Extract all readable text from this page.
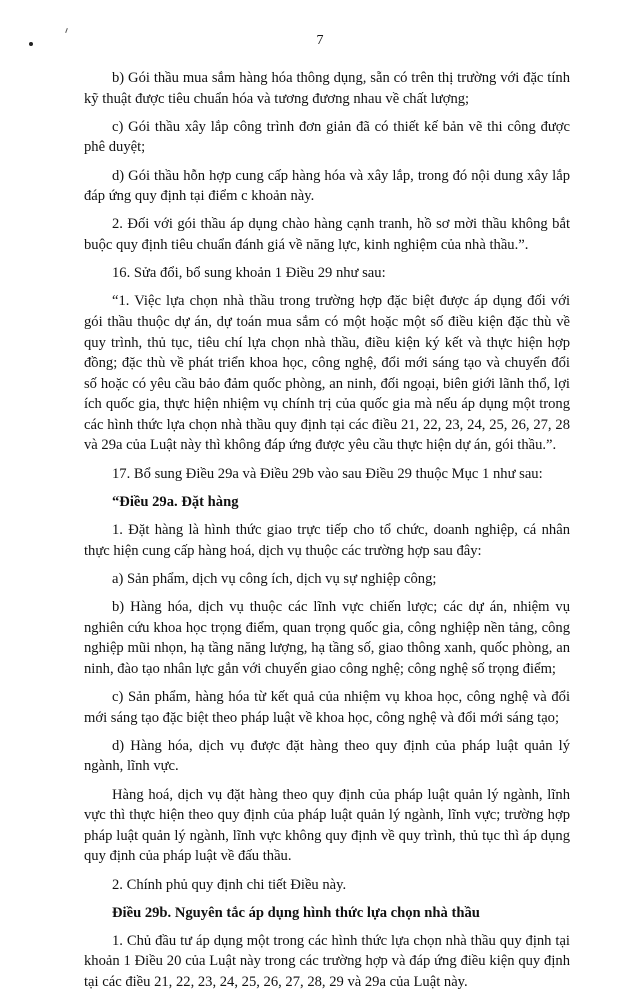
7

b) Gói thầu mua sắm hàng hóa thông dụng, sẵn có trên thị trường với đặc tính kỹ thuật được tiêu chuẩn hóa và tương đương nhau về chất lượng;

c) Gói thầu xây lắp công trình đơn giản đã có thiết kế bản vẽ thi công được phê duyệt;

d) Gói thầu hỗn hợp cung cấp hàng hóa và xây lắp, trong đó nội dung xây lắp đáp ứng quy định tại điểm c khoản này.

2. Đối với gói thầu áp dụng chào hàng cạnh tranh, hồ sơ mời thầu không bắt buộc quy định tiêu chuẩn đánh giá về năng lực, kinh nghiệm của nhà thầu.”.

16. Sửa đổi, bổ sung khoản 1 Điều 29 như sau:

“1. Việc lựa chọn nhà thầu trong trường hợp đặc biệt được áp dụng đối với gói thầu thuộc dự án, dự toán mua sắm có một hoặc một số điều kiện đặc thù về quy trình, thủ tục, tiêu chí lựa chọn nhà thầu, điều kiện ký kết và thực hiện hợp đồng; đặc thù về phát triển khoa học, công nghệ, đổi mới sáng tạo và chuyển đổi số hoặc có yêu cầu bảo đảm quốc phòng, an ninh, đối ngoại, biên giới lãnh thổ, lợi ích quốc gia, thực hiện nhiệm vụ chính trị của quốc gia mà nếu áp dụng một trong các hình thức lựa chọn nhà thầu quy định tại các điều 21, 22, 23, 24, 25, 26, 27, 28 và 29a của Luật này thì không đáp ứng được yêu cầu thực hiện dự án, gói thầu.”.

17. Bổ sung Điều 29a và Điều 29b vào sau Điều 29 thuộc Mục 1 như sau:

“Điều 29a. Đặt hàng

1. Đặt hàng là hình thức giao trực tiếp cho tổ chức, doanh nghiệp, cá nhân thực hiện cung cấp hàng hoá, dịch vụ thuộc các trường hợp sau đây:

a) Sản phẩm, dịch vụ công ích, dịch vụ sự nghiệp công;

b) Hàng hóa, dịch vụ thuộc các lĩnh vực chiến lược; các dự án, nhiệm vụ nghiên cứu khoa học trọng điểm, quan trọng quốc gia, công nghiệp nền tảng, công nghiệp mũi nhọn, hạ tầng năng lượng, hạ tầng số, giao thông xanh, quốc phòng, an ninh, đào tạo nhân lực gắn với chuyển giao công nghệ; công nghệ số trọng điểm;

c) Sản phẩm, hàng hóa từ kết quả của nhiệm vụ khoa học, công nghệ và đổi mới sáng tạo đặc biệt theo pháp luật về khoa học, công nghệ và đổi mới sáng tạo;

d) Hàng hóa, dịch vụ được đặt hàng theo quy định của pháp luật quản lý ngành, lĩnh vực.

Hàng hoá, dịch vụ đặt hàng theo quy định của pháp luật quản lý ngành, lĩnh vực thì thực hiện theo quy định của pháp luật quản lý ngành, lĩnh vực; trường hợp pháp luật quản lý ngành, lĩnh vực không quy định về quy trình, thủ tục thì áp dụng quy định của pháp luật về đấu thầu.

2. Chính phủ quy định chi tiết Điều này.

Điều 29b. Nguyên tắc áp dụng hình thức lựa chọn nhà thầu

1. Chủ đầu tư áp dụng một trong các hình thức lựa chọn nhà thầu quy định tại khoản 1 Điều 20 của Luật này trong các trường hợp và đáp ứng điều kiện quy định tại các điều 21, 22, 23, 24, 25, 26, 27, 28, 29 và 29a của Luật này.
